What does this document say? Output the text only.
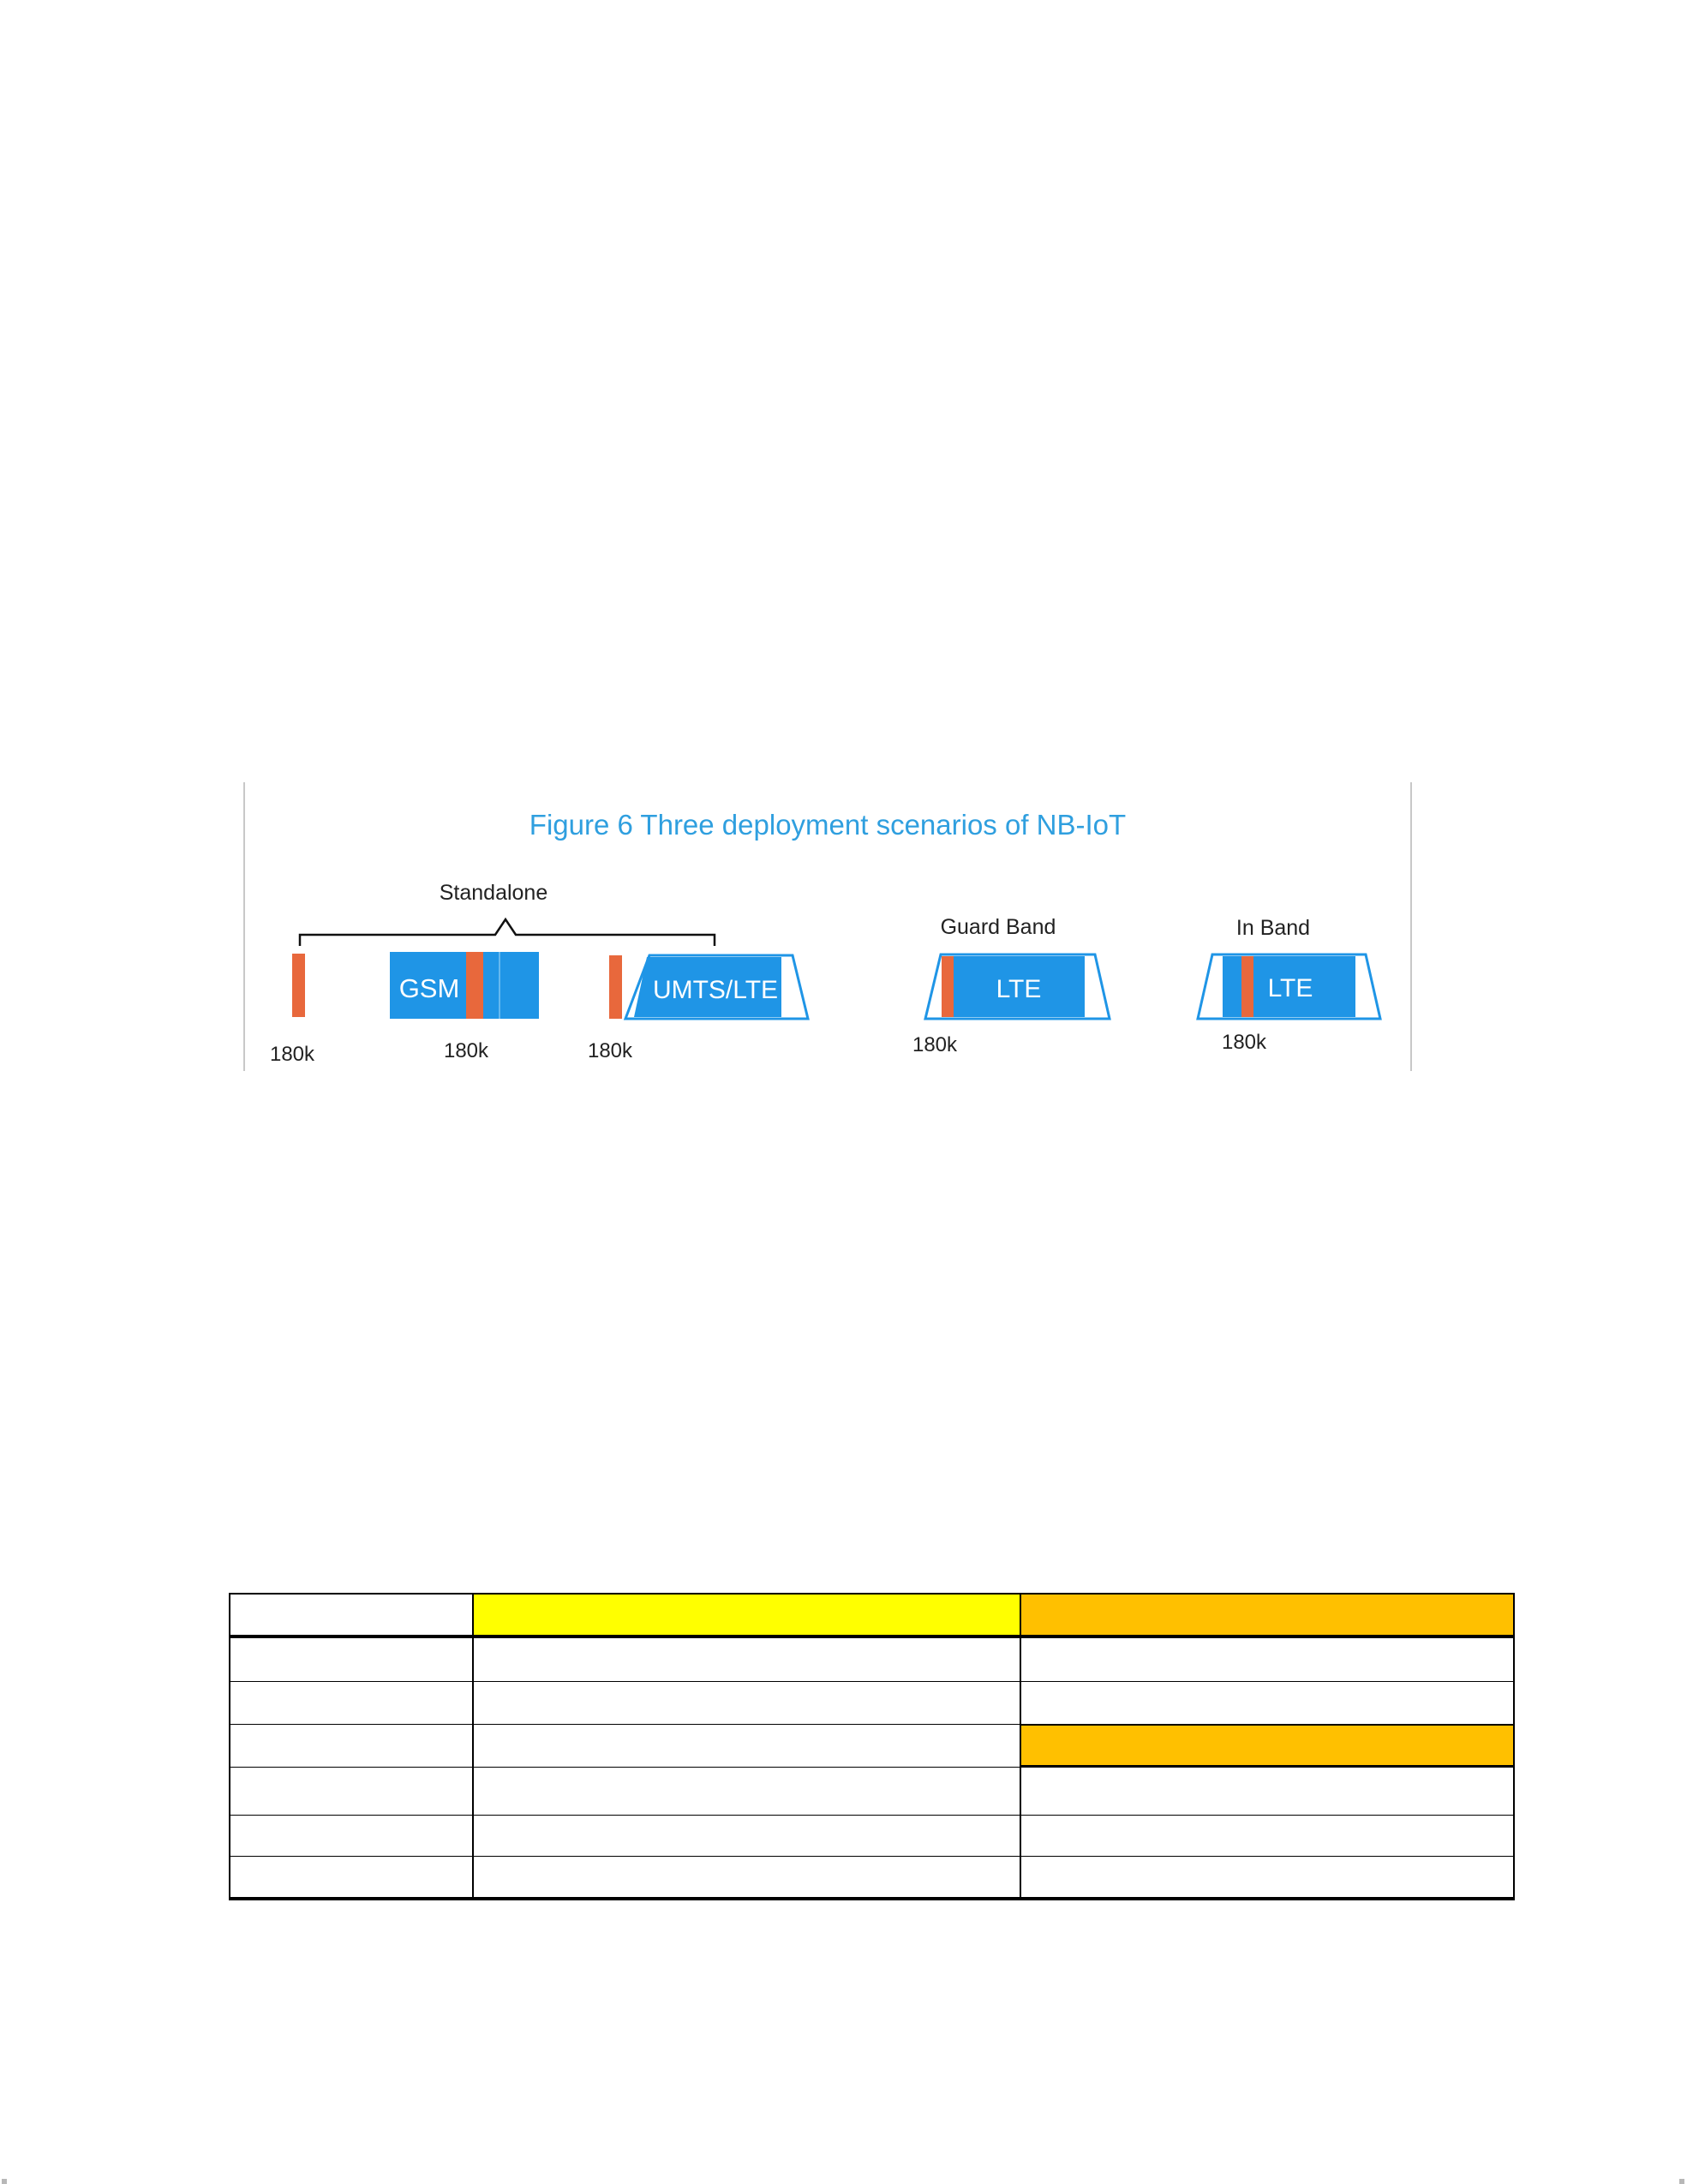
Figure 6 Three deployment scenarios of NB-IoT
Standalone
180k
GSM
180k
UMTS/LTE
180k
Guard Band
LTE
180k
In Band
LTE
180k
